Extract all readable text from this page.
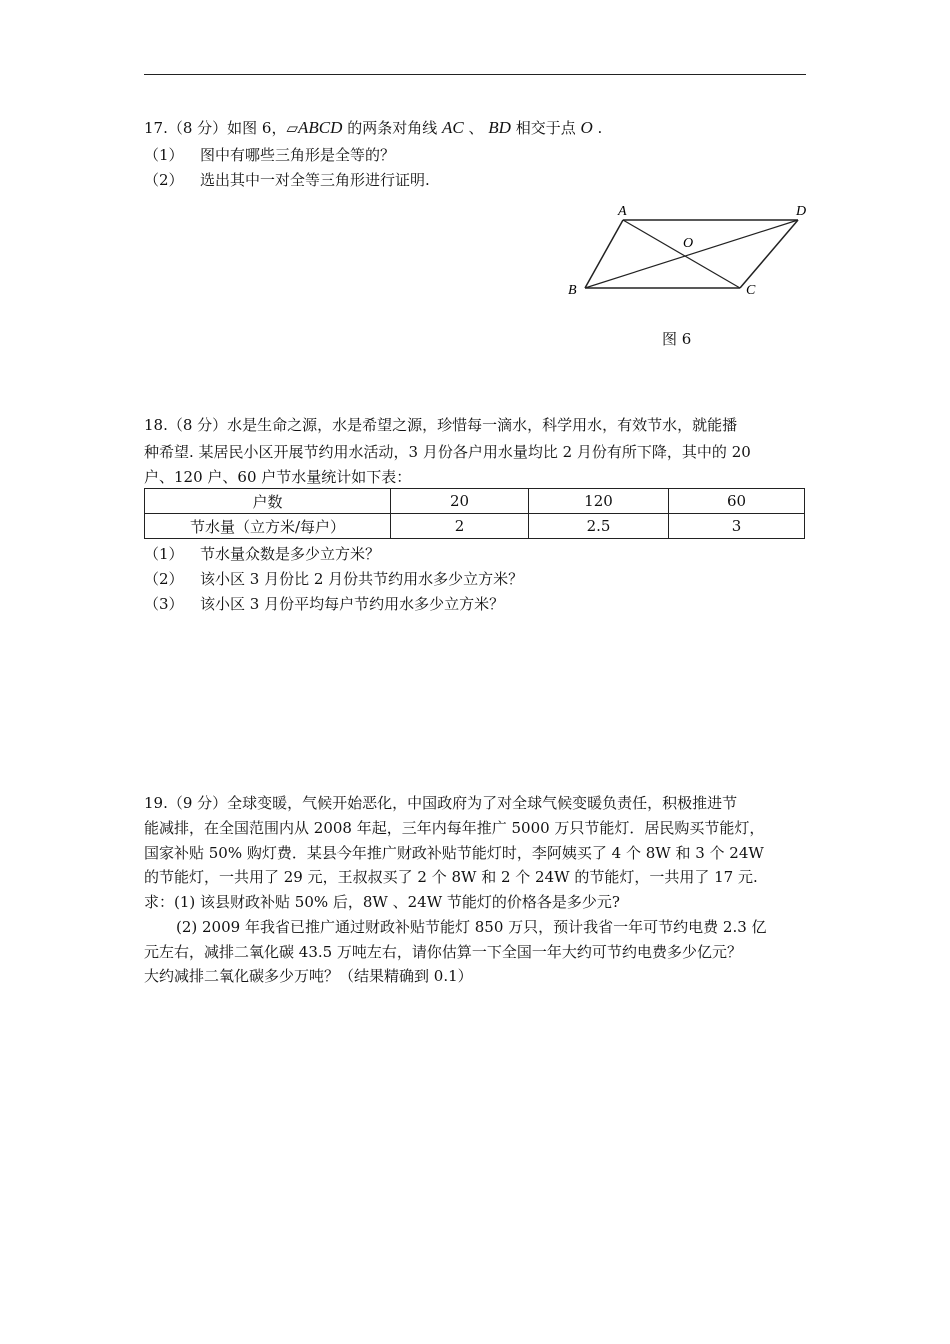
17.（8 分）如图 6，▱ABCD 的两条对角线 AC 、 BD 相交于点 O .
（1） 图中有哪些三角形是全等的？
（2） 选出其中一对全等三角形进行证明.
A	D
O
B	C
图 6
18.（8 分）水是生命之源，水是希望之源，珍惜每一滴水，科学用水，有效节水，就能播
种希望. 某居民小区开展节约用水活动，3 月份各户用水量均比 2 月份有所下降，其中的 20
户、120 户、60 户节水量统计如下表：
户数	20	120	60
节水量（立方米/每户）	2	2.5	3
（1） 节水量众数是多少立方米？
（2） 该小区 3 月份比 2 月份共节约用水多少立方米？
（3） 该小区 3 月份平均每户节约用水多少立方米？
19.（9 分）全球变暖，气候开始恶化，中国政府为了对全球气候变暖负责任，积极推进节
能减排，在全国范围内从 2008 年起，三年内每年推广 5000 万只节能灯．居民购买节能灯，
国家补贴 50% 购灯费．某县今年推广财政补贴节能灯时，李阿姨买了 4 个 8W 和 3 个 24W
的节能灯，一共用了 29 元，王叔叔买了 2 个 8W 和 2 个 24W 的节能灯，一共用了 17 元.
求：(1) 该县财政补贴 50% 后，8W 、24W 节能灯的价格各是多少元?
(2) 2009 年我省已推广通过财政补贴节能灯 850 万只，预计我省一年可节约电费 2.3 亿
元左右，减排二氧化碳 43.5 万吨左右，请你估算一下全国一年大约可节约电费多少亿元？
大约减排二氧化碳多少万吨？（结果精确到 0.1）
